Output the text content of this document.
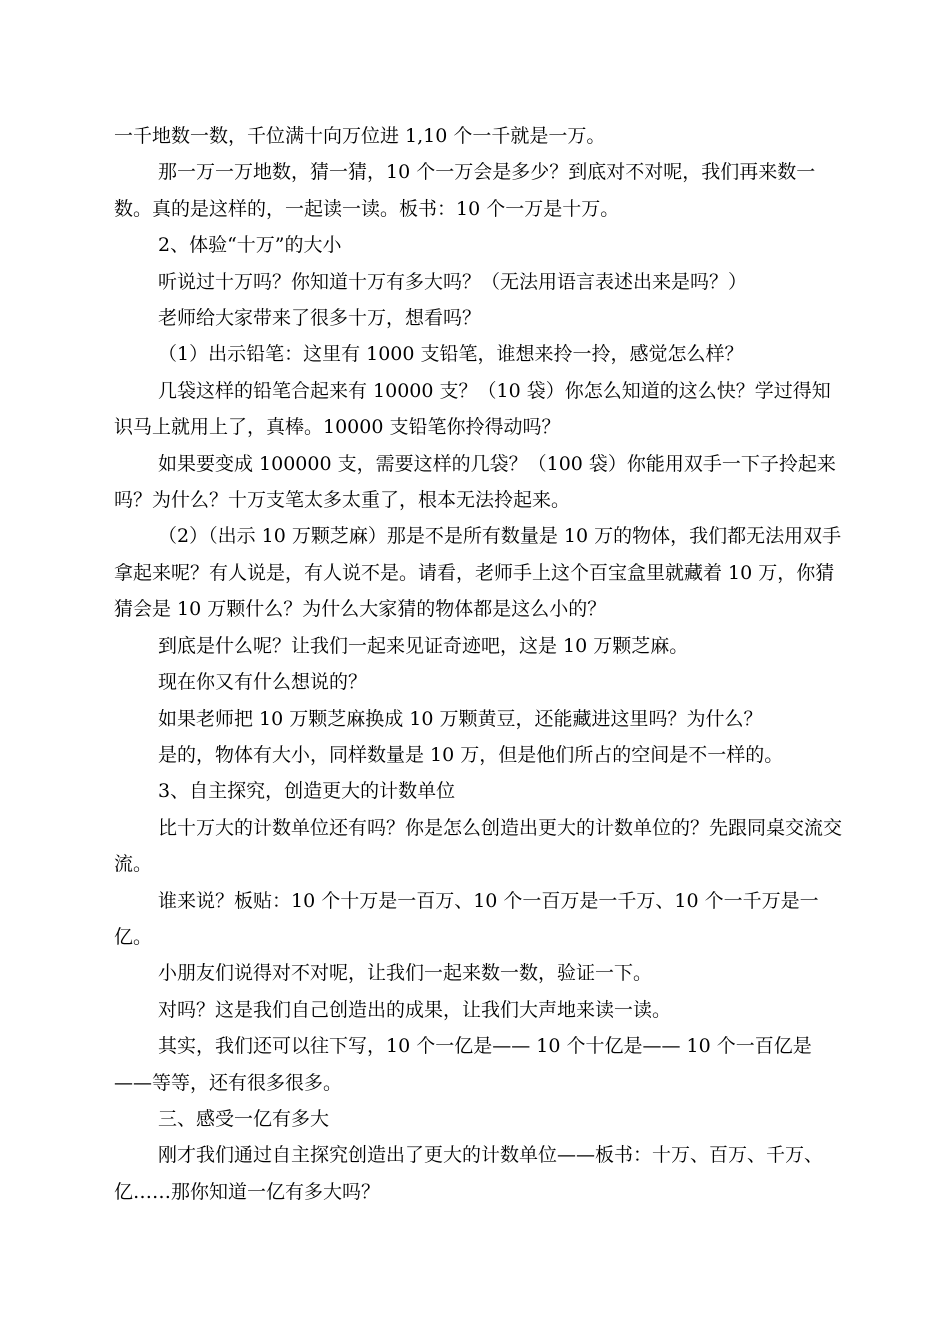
一千地数一数，千位满十向万位进 1,10 个一千就是一万。

那一万一万地数，猜一猜，10 个一万会是多少？到底对不对呢，我们再来数一数。真的是这样的，一起读一读。板书：10 个一万是十万。

2、体验“十万”的大小

听说过十万吗？你知道十万有多大吗？（无法用语言表述出来是吗？）

老师给大家带来了很多十万，想看吗？

（1）出示铅笔：这里有 1000 支铅笔，谁想来拎一拎，感觉怎么样？

几袋这样的铅笔合起来有 10000 支？（10 袋）你怎么知道的这么快？学过得知识马上就用上了，真棒。10000 支铅笔你拎得动吗？

如果要变成 100000 支，需要这样的几袋？（100 袋）你能用双手一下子拎起来吗？为什么？十万支笔太多太重了，根本无法拎起来。

（2）（出示 10 万颗芝麻）那是不是所有数量是 10 万的物体，我们都无法用双手拿起来呢？有人说是，有人说不是。请看，老师手上这个百宝盒里就藏着 10 万，你猜猜会是 10 万颗什么？为什么大家猜的物体都是这么小的？

到底是什么呢？让我们一起来见证奇迹吧，这是 10 万颗芝麻。

现在你又有什么想说的？

如果老师把 10 万颗芝麻换成 10 万颗黄豆，还能藏进这里吗？为什么？

是的，物体有大小，同样数量是 10 万，但是他们所占的空间是不一样的。

3、自主探究，创造更大的计数单位

比十万大的计数单位还有吗？你是怎么创造出更大的计数单位的？先跟同桌交流交流。

谁来说？板贴：10 个十万是一百万、10 个一百万是一千万、10 个一千万是一亿。

小朋友们说得对不对呢，让我们一起来数一数，验证一下。

对吗？这是我们自己创造出的成果，让我们大声地来读一读。

其实，我们还可以往下写，10 个一亿是—— 10 个十亿是—— 10 个一百亿是——等等，还有很多很多。

三、感受一亿有多大

刚才我们通过自主探究创造出了更大的计数单位——板书：十万、百万、千万、亿……那你知道一亿有多大吗？
